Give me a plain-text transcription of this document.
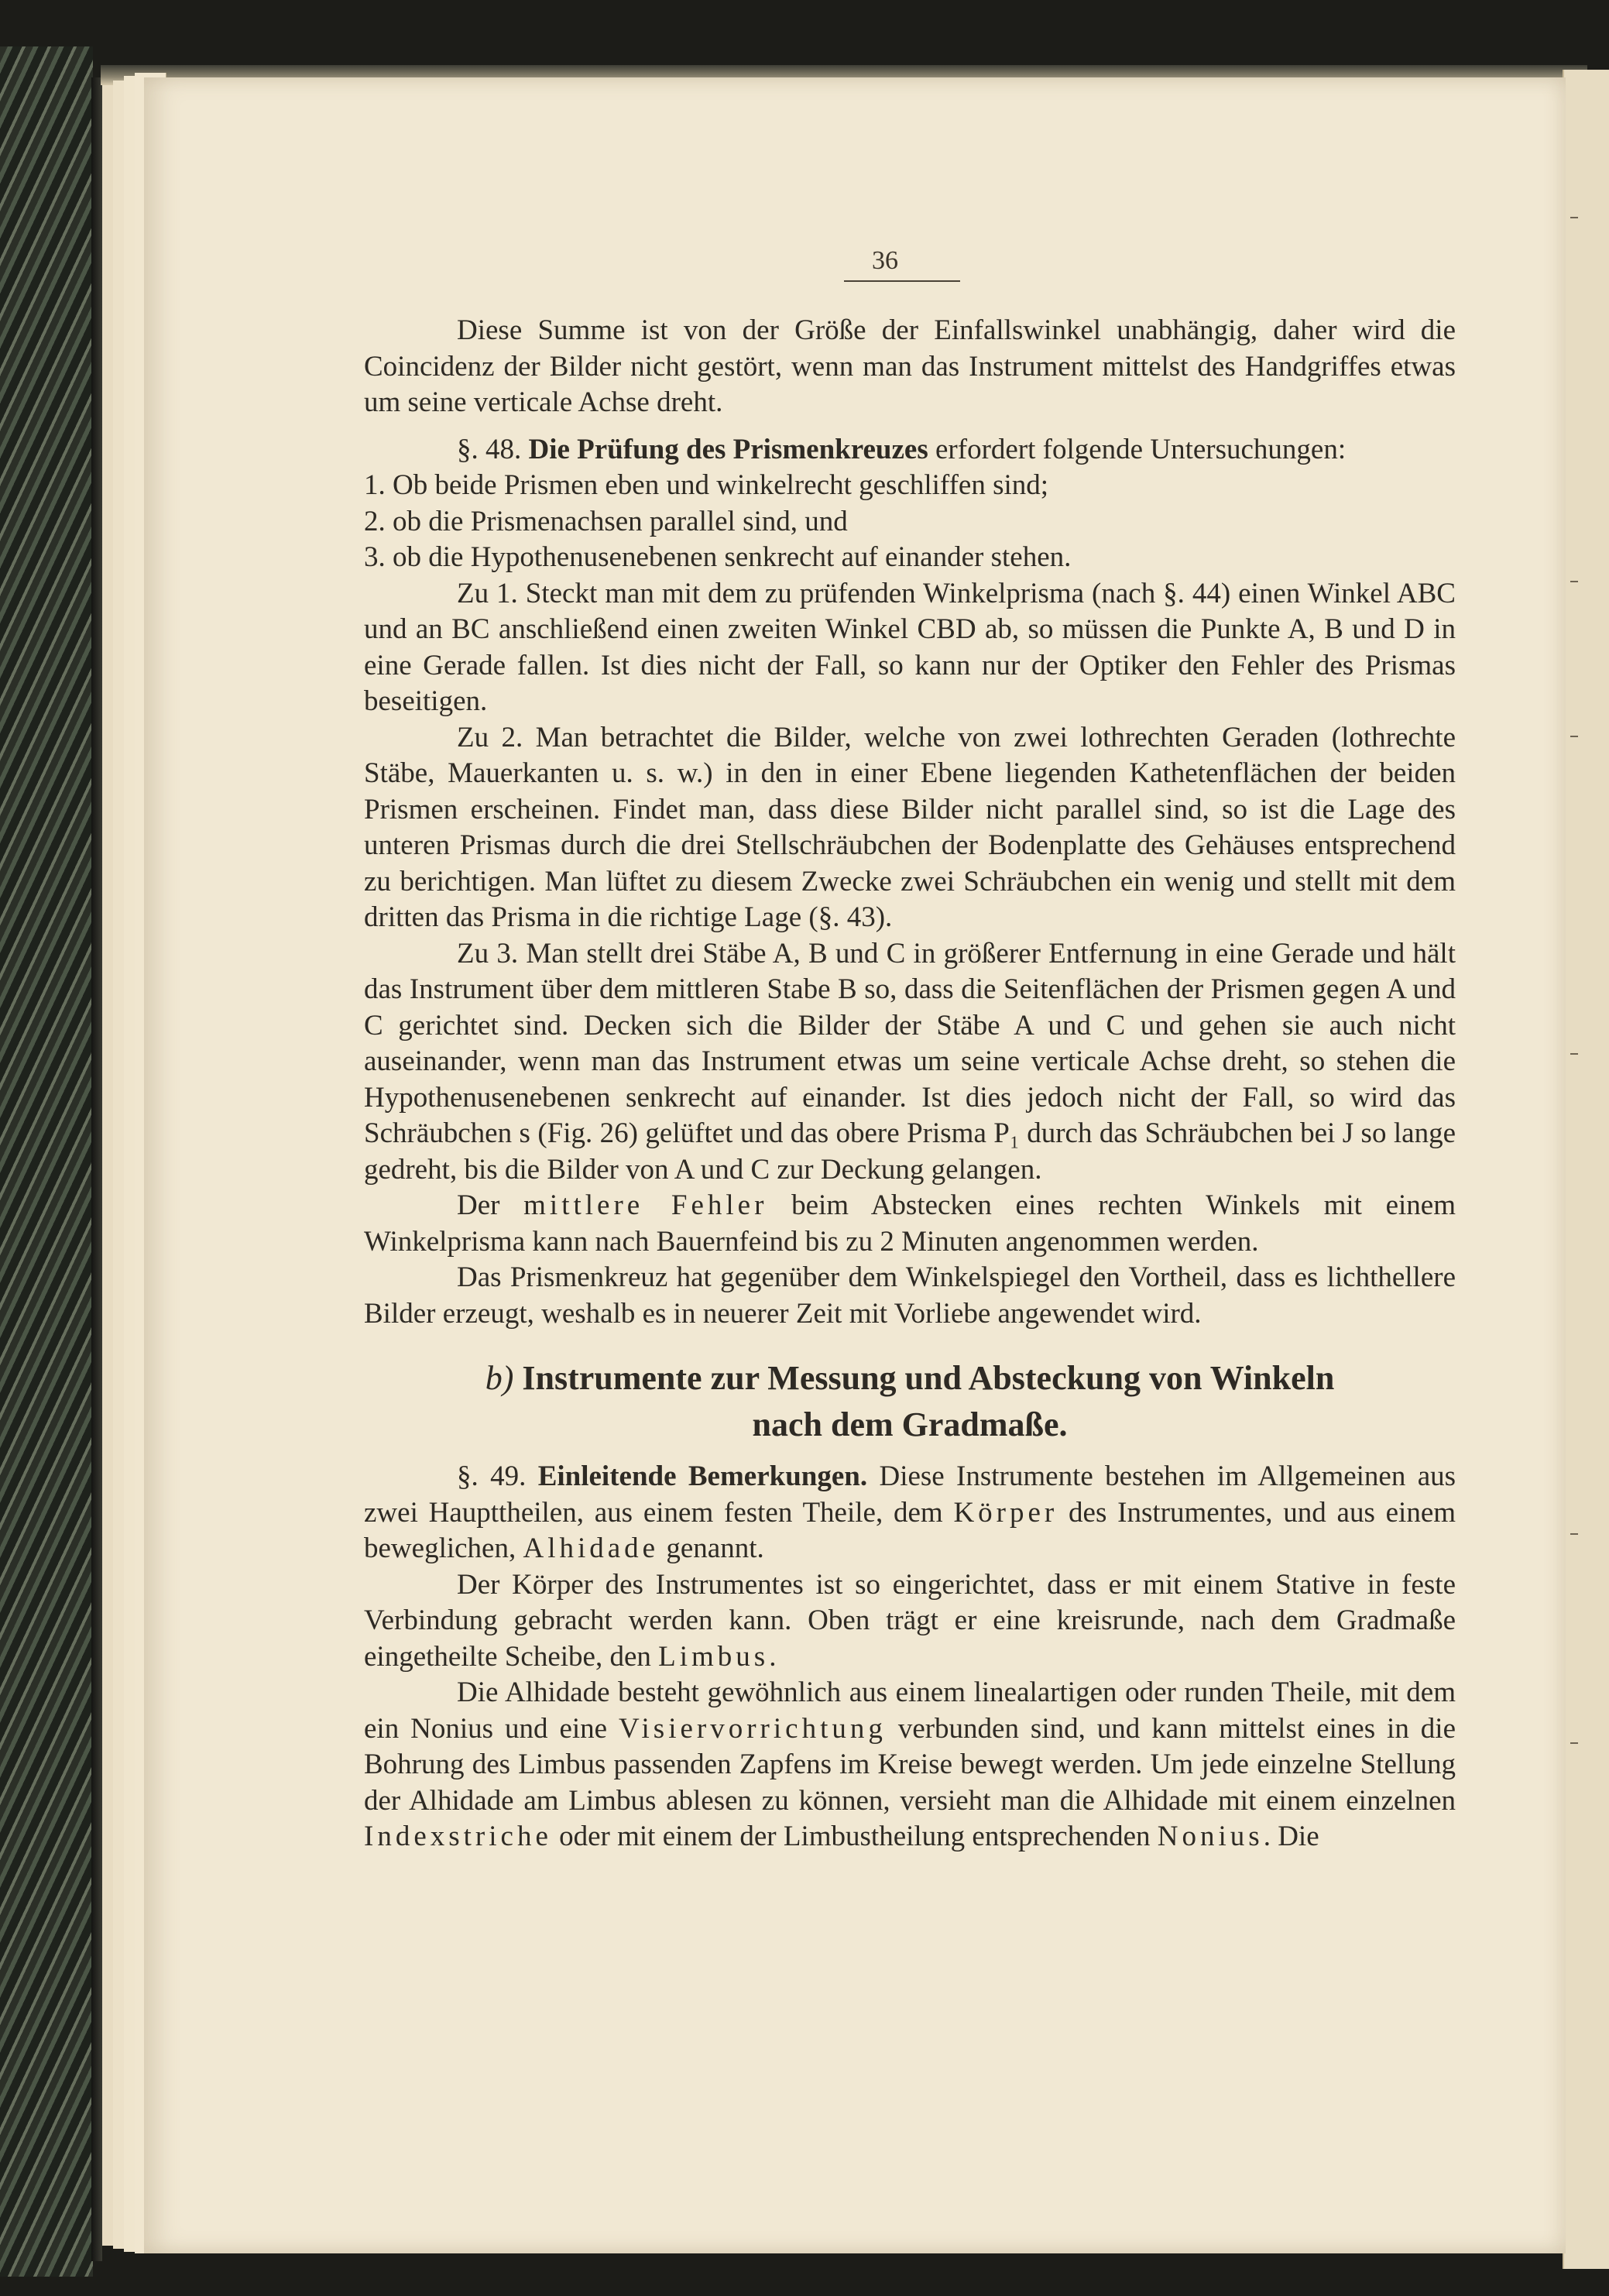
36

Diese Summe ist von der Größe der Einfallswinkel unabhängig, daher wird die Coincidenz der Bilder nicht gestört, wenn man das Instrument mittelst des Handgriffes etwas um seine verticale Achse dreht.

§. 48. Die Prüfung des Prismenkreuzes erfordert folgende Untersuchungen:

1. Ob beide Prismen eben und winkelrecht geschliffen sind;

2. ob die Prismenachsen parallel sind, und

3. ob die Hypothenusenebenen senkrecht auf einander stehen.

Zu 1. Steckt man mit dem zu prüfenden Winkelprisma (nach §. 44) einen Winkel ABC und an BC anschließend einen zweiten Winkel CBD ab, so müssen die Punkte A, B und D in eine Gerade fallen. Ist dies nicht der Fall, so kann nur der Optiker den Fehler des Prismas beseitigen.

Zu 2. Man betrachtet die Bilder, welche von zwei lothrechten Geraden (lothrechte Stäbe, Mauerkanten u. s. w.) in den in einer Ebene liegenden Kathetenflächen der beiden Prismen erscheinen. Findet man, dass diese Bilder nicht parallel sind, so ist die Lage des unteren Prismas durch die drei Stellschräubchen der Bodenplatte des Gehäuses entsprechend zu berichtigen. Man lüftet zu diesem Zwecke zwei Schräubchen ein wenig und stellt mit dem dritten das Prisma in die richtige Lage (§. 43).

Zu 3. Man stellt drei Stäbe A, B und C in größerer Entfernung in eine Gerade und hält das Instrument über dem mittleren Stabe B so, dass die Seitenflächen der Prismen gegen A und C gerichtet sind. Decken sich die Bilder der Stäbe A und C und gehen sie auch nicht auseinander, wenn man das Instrument etwas um seine verticale Achse dreht, so stehen die Hypothenusenebenen senkrecht auf einander. Ist dies jedoch nicht der Fall, so wird das Schräubchen s (Fig. 26) gelüftet und das obere Prisma P₁ durch das Schräubchen bei J so lange gedreht, bis die Bilder von A und C zur Deckung gelangen.

Der mittlere Fehler beim Abstecken eines rechten Winkels mit einem Winkelprisma kann nach Bauernfeind bis zu 2 Minuten angenommen werden.

Das Prismenkreuz hat gegenüber dem Winkelspiegel den Vortheil, dass es lichthellere Bilder erzeugt, weshalb es in neuerer Zeit mit Vorliebe angewendet wird.

b) Instrumente zur Messung und Absteckung von Winkeln
nach dem Gradmaße.

§. 49. Einleitende Bemerkungen. Diese Instrumente bestehen im Allgemeinen aus zwei Haupttheilen, aus einem festen Theile, dem Körper des Instrumentes, und aus einem beweglichen, Alhidade genannt.

Der Körper des Instrumentes ist so eingerichtet, dass er mit einem Stative in feste Verbindung gebracht werden kann. Oben trägt er eine kreisrunde, nach dem Gradmaße eingetheilte Scheibe, den Limbus.

Die Alhidade besteht gewöhnlich aus einem linealartigen oder runden Theile, mit dem ein Nonius und eine Visiervorrichtung verbunden sind, und kann mittelst eines in die Bohrung des Limbus passenden Zapfens im Kreise bewegt werden. Um jede einzelne Stellung der Alhidade am Limbus ablesen zu können, versieht man die Alhidade mit einem einzelnen Indexstriche oder mit einem der Limbustheilung entsprechenden Nonius. Die
